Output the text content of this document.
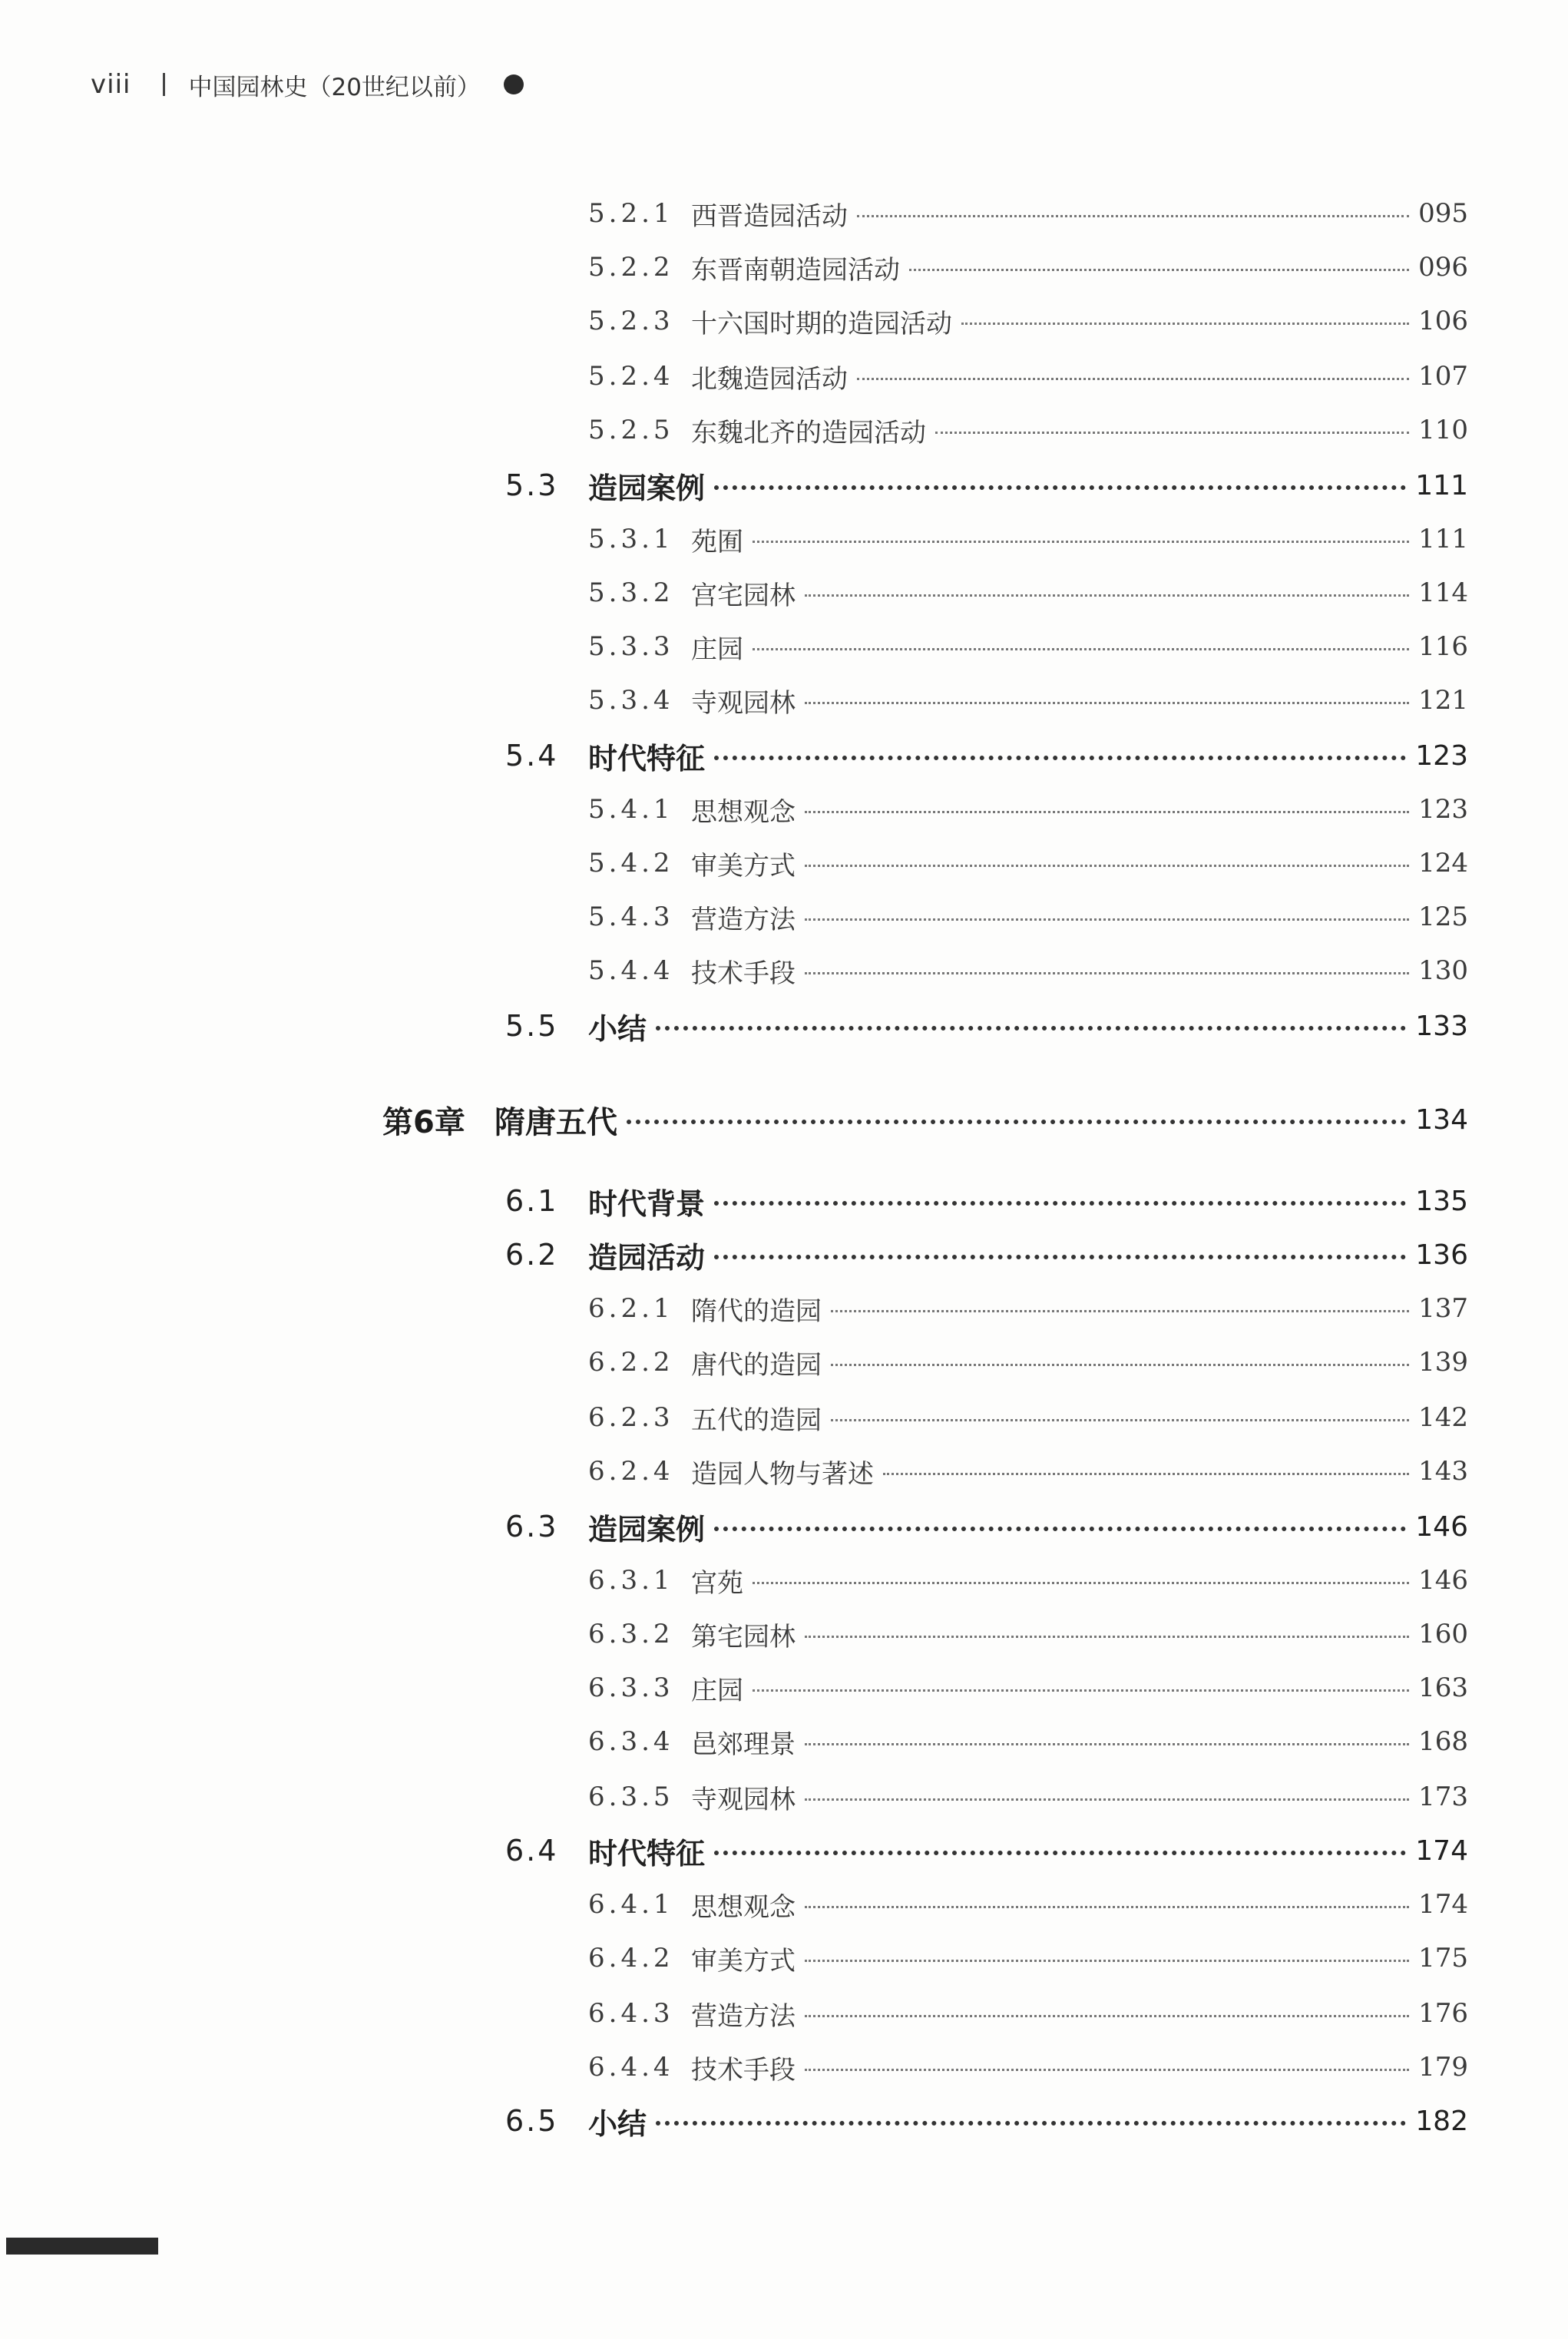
viii 中国园林史（20世纪以前）
5.2.1 西晋造园活动	095
5.2.2 东晋南朝造园活动	096
5.2.3 十六国时期的造园活动	106
5.2.4 北魏造园活动	107
5.2.5 东魏北齐的造园活动	110
5.3	造园案例	111
5.3.1 苑囿	111
5.3.2 宫宅园林	114
5.3.3 庄园	116
5.3.4 寺观园林	121
5.4	时代特征	123
5.4.1 思想观念	123
5.4.2 审美方式	124
5.4.3 营造方法	125
5.4.4 技术手段	130
5.5	小结	133
第6章 隋唐五代	134
6.1	时代背景	135
6.2	造园活动	136
6.2.1 隋代的造园	137
6.2.2 唐代的造园	139
6.2.3 五代的造园	142
6.2.4 造园人物与著述	143
6.3	造园案例	146
6.3.1 宫苑	146
6.3.2 第宅园林	160
6.3.3 庄园	163
6.3.4 邑郊理景	168
6.3.5 寺观园林	173
6.4	时代特征	174
6.4.1 思想观念	174
6.4.2 审美方式	175
6.4.3 营造方法	176
6.4.4 技术手段	179
6.5	小结	182
